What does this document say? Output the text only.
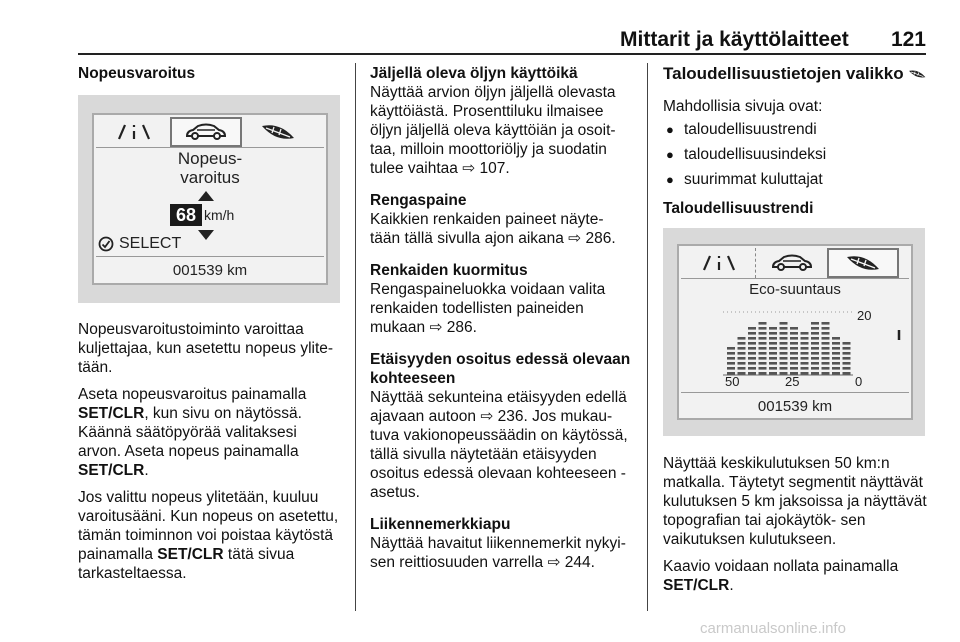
Mittarit ja käyttölaitteet	121

Nopeusvaroitus

Nopeus-
varoitus
68 km/h
SELECT
001539 km

Nopeusvaroitustoiminto varoittaa kuljettajaa, kun asetettu nopeus ylite- tään.

Aseta nopeusvaroitus painamalla SET/CLR, kun sivu on näytössä. Käännä säätöpyörää valitaksesi arvon. Aseta nopeus painamalla SET/CLR.

Jos valittu nopeus ylitetään, kuuluu varoitusääni. Kun nopeus on asetettu, tämän toiminnon voi poistaa käytöstä painamalla SET/CLR tätä sivua tarkasteltaessa.

Jäljellä oleva öljyn käyttöikä

Näyttää arvion öljyn jäljellä olevasta käyttöiästä. Prosenttiluku ilmaisee öljyn jäljellä oleva käyttöiän ja osoit- taa, milloin moottoriöljy ja suodatin tulee vaihtaa ⇨ 107.

Rengaspaine

Kaikkien renkaiden paineet näyte- tään tällä sivulla ajon aikana ⇨ 286.

Renkaiden kuormitus

Rengaspaineluokka voidaan valita renkaiden todellisten paineiden mukaan ⇨ 286.

Etäisyyden osoitus edessä olevaan kohteeseen

Näyttää sekunteina etäisyyden edellä ajavaan autoon ⇨ 236. Jos mukau- tuva vakionopeussäädin on käytössä, tällä sivulla näytetään etäisyyden osoitus edessä olevaan kohteeseen - asetus.

Liikennemerkkiapu

Näyttää havaitut liikennemerkit nykyi- sen reittiosuuden varrella ⇨ 244.

Taloudellisuustietojen valikko

Mahdollisia sivuja ovat:

● taloudellisuustrendi
● taloudellisuusindeksi
● suurimmat kuluttajat

Taloudellisuustrendi

Eco-suuntaus
20
50	25	0
001539 km

Näyttää keskikulutuksen 50 km:n matkalla. Täytetyt segmentit näyttävät kulutuksen 5 km jaksoissa ja näyttävät topografian tai ajokäytök- sen vaikutuksen kulutukseen.

Kaavio voidaan nollata painamalla SET/CLR.

carmanualsonline.info
